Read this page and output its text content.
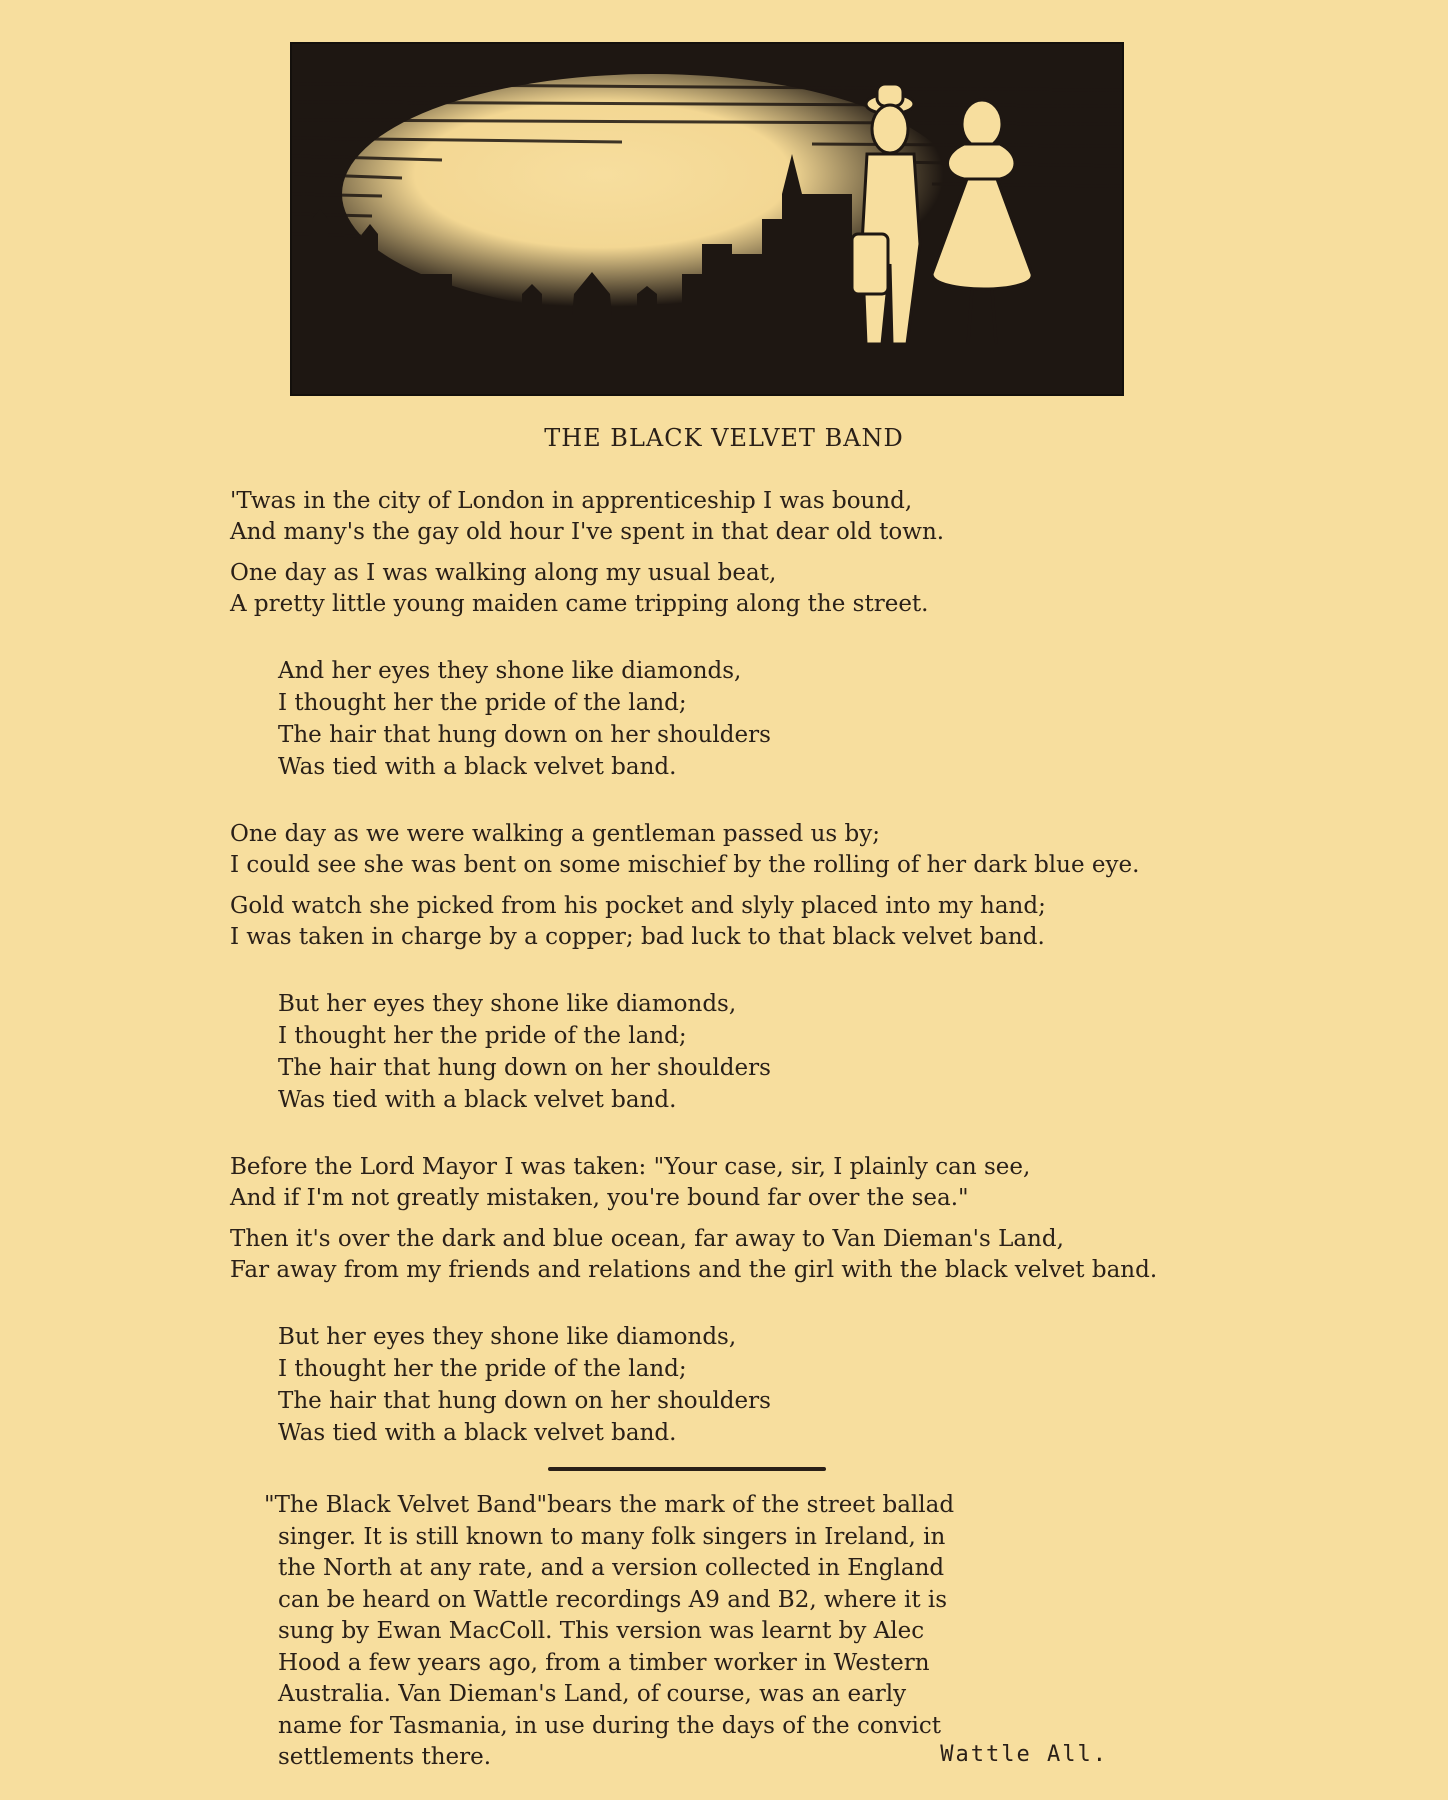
THE BLACK VELVET BAND
'Twas in the city of London in apprenticeship I was bound,
And many's the gay old hour I've spent in that dear old town.
One day as I was walking along my usual beat,
A pretty little young maiden came tripping along the street.
And her eyes they shone like diamonds,
I thought her the pride of the land;
The hair that hung down on her shoulders
Was tied with a black velvet band.
One day as we were walking a gentleman passed us by;
I could see she was bent on some mischief by the rolling of her dark blue eye.
Gold watch she picked from his pocket and slyly placed into my hand;
I was taken in charge by a copper; bad luck to that black velvet band.
But her eyes they shone like diamonds,
I thought her the pride of the land;
The hair that hung down on her shoulders
Was tied with a black velvet band.
Before the Lord Mayor I was taken: "Your case, sir, I plainly can see,
And if I'm not greatly mistaken, you're bound far over the sea."
Then it's over the dark and blue ocean, far away to Van Dieman's Land,
Far away from my friends and relations and the girl with the black velvet band.
But her eyes they shone like diamonds,
I thought her the pride of the land;
The hair that hung down on her shoulders
Was tied with a black velvet band.
"The Black Velvet Band"bears the mark of the street ballad
singer. It is still known to many folk singers in Ireland, in
the North at any rate, and a version collected in England
can be heard on Wattle recordings A9 and B2, where it is
sung by Ewan MacColl. This version was learnt by Alec
Hood a few years ago, from a timber worker in Western
Australia. Van Dieman's Land, of course, was an early
name for Tasmania, in use during the days of the convict
settlements there.	Wattle All.
